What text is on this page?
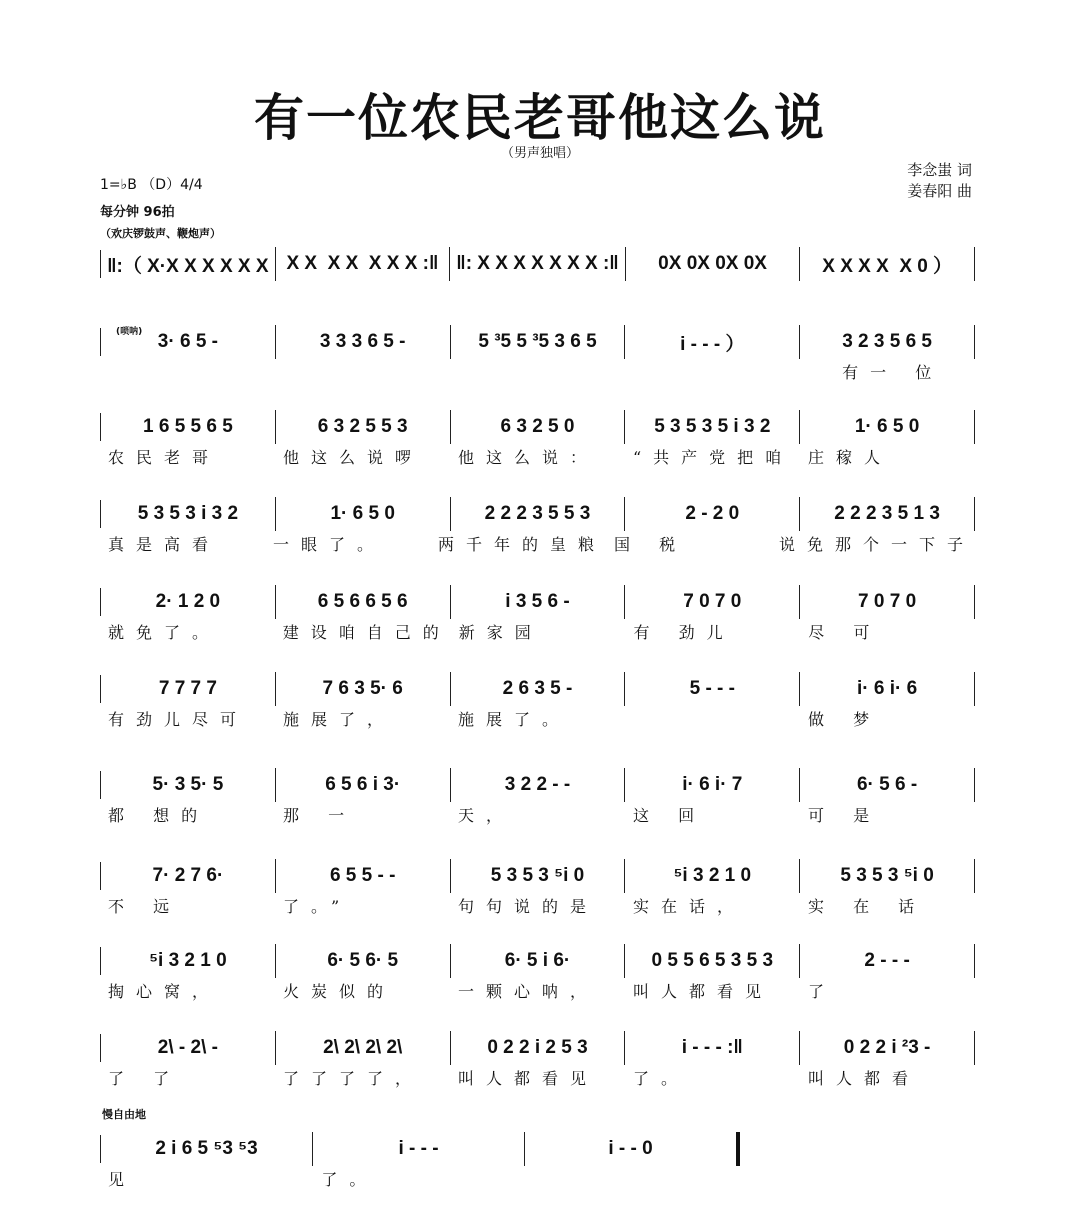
有一位农民老哥他这么说
（男声独唱）
李念蚩 词
姜春阳 曲
1=♭B （D）4/4
每分钟 96拍
（欢庆锣鼓声、鞭炮声）
(唢呐)
慢自由地
‖:（ X·X X X X X X X X  X X  X X X :‖ ‖: X X X X X X X :‖	0X 0X 0X 0X	X X X X  X 0 ）
3· 6 5 -	3 3 3 6 5 -	5 ³5 5 ³5 3 6 5	i - - - ）	3 2 3 5 6 5
有一 位
1 6 5 5 6 5	6 3 2 5 5 3	6 3 2 5 0	5 3 5 3 5 i 3 2	1· 6 5 0
农民老哥	他这么说啰	他这么说：	“共产党把咱 庄稼人
5 3 5 3 i 3 2	1· 6 5 0	2 2 2 3 5 5 3	2 - 2 0	2 2 2 3 5 1 3
真是高看	一眼了。	两千年的皇粮 国 税	说免那个一下子
2· 1 2 0	6 5 6 6 5 6	i 3 5 6 -	7 0 7 0	7 0 7 0
就免了。	建设咱自己的 新家园	有 劲儿	尽 可
7 7 7 7	7 6 3 5· 6	2 6 3 5 -	5 - - -	i· 6 i· 6
有劲儿尽可	施展了，	施展了。	做 梦
5· 3 5· 5	6 5 6 i 3·	3 2 2 - -	i· 6 i· 7	6· 5 6 -
都 想的	那 一	天，	这 回	可 是
7· 2 7 6·	6 5 5 - -	5 3 5 3 ⁵i 0	⁵i 3 2 1 0	5 3 5 3 ⁵i 0
不 远	了。”	句句说的是	实在话，	实 在 话
⁵i 3 2 1 0	6· 5 6· 5	6· 5 i 6·	0 5 5 6 5 3 5 3	2 - - -
掏心窝，	火炭似的	一颗心呐，	叫人都看见	了
2\ - 2\ -	2\ 2\ 2\ 2\	0 2 2 i 2 5 3	i - - - :‖	0 2 2 i ²3 -
了 了	了了了了，	叫人都看见	了。	叫人都看
2 i 6 5 ⁵3 ⁵3	i - - -	i - - 0
见	了。
